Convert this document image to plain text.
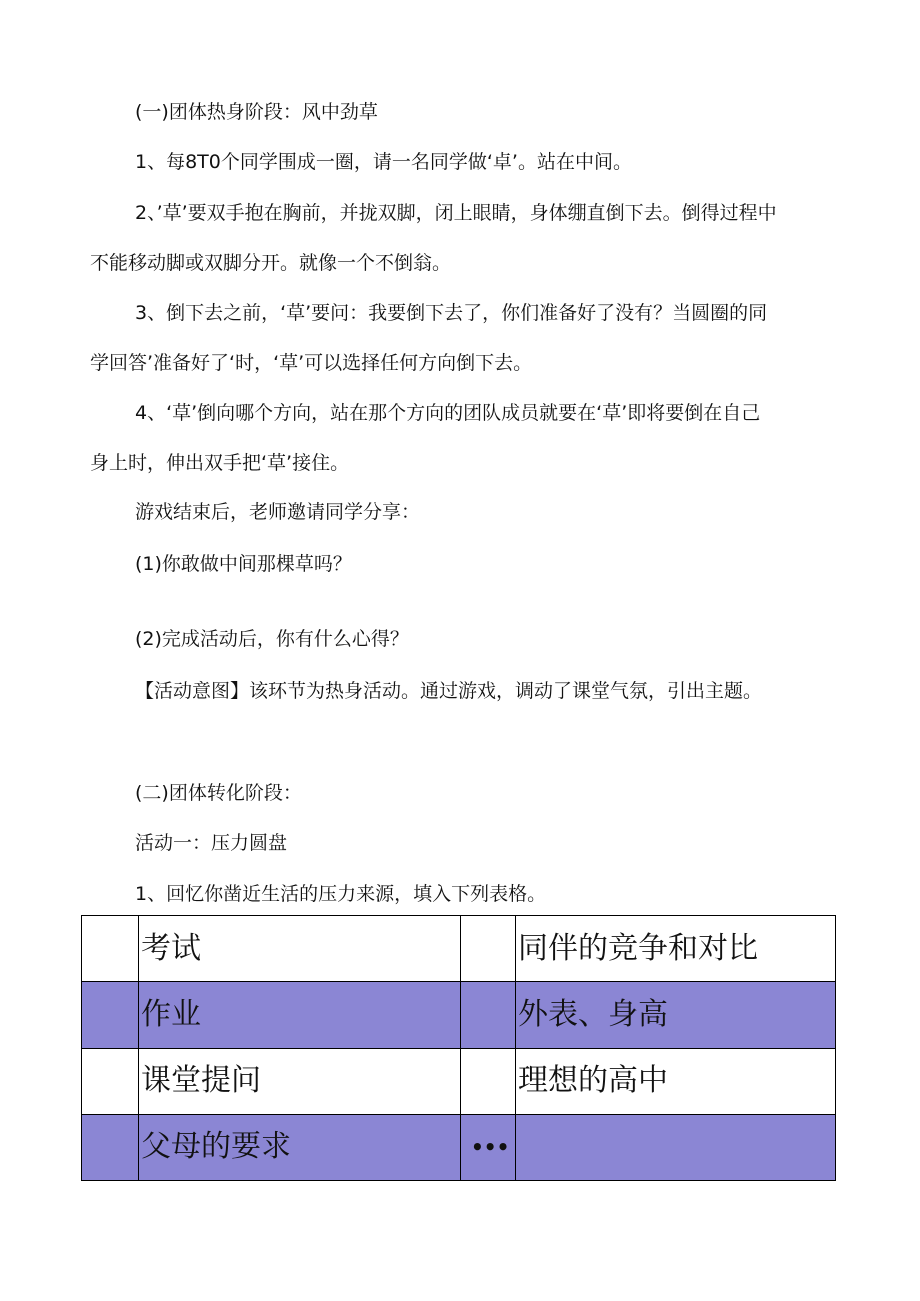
(一)团体热身阶段：风中劲草

1、每8T0个同学围成一圈，请一名同学做‘卓’。站在中间。

2、’草’要双手抱在胸前，并拢双脚，闭上眼睛，身体绷直倒下去。倒得过程中

不能移动脚或双脚分开。就像一个不倒翁。

3、倒下去之前，‘草’要问：我要倒下去了，你们准备好了没有？当圆圈的同

学回答’准备好了‘时，‘草’可以选择任何方向倒下去。

4、‘草’倒向哪个方向，站在那个方向的团队成员就要在‘草’即将要倒在自己

身上时，伸出双手把‘草’接住。

游戏结束后，老师邀请同学分享：

(1)你敢做中间那棵草吗？

(2)完成活动后，你有什么心得？

【活动意图】该环节为热身活动。通过游戏，调动了课堂气氛，引出主题。

(二)团体转化阶段：

活动一：压力圆盘

1、回忆你凿近生活的压力来源，填入下列表格。

	考试		同伴的竞争和对比
	作业		外表、身高
	课堂提问		理想的高中
	父母的要求	•••	
